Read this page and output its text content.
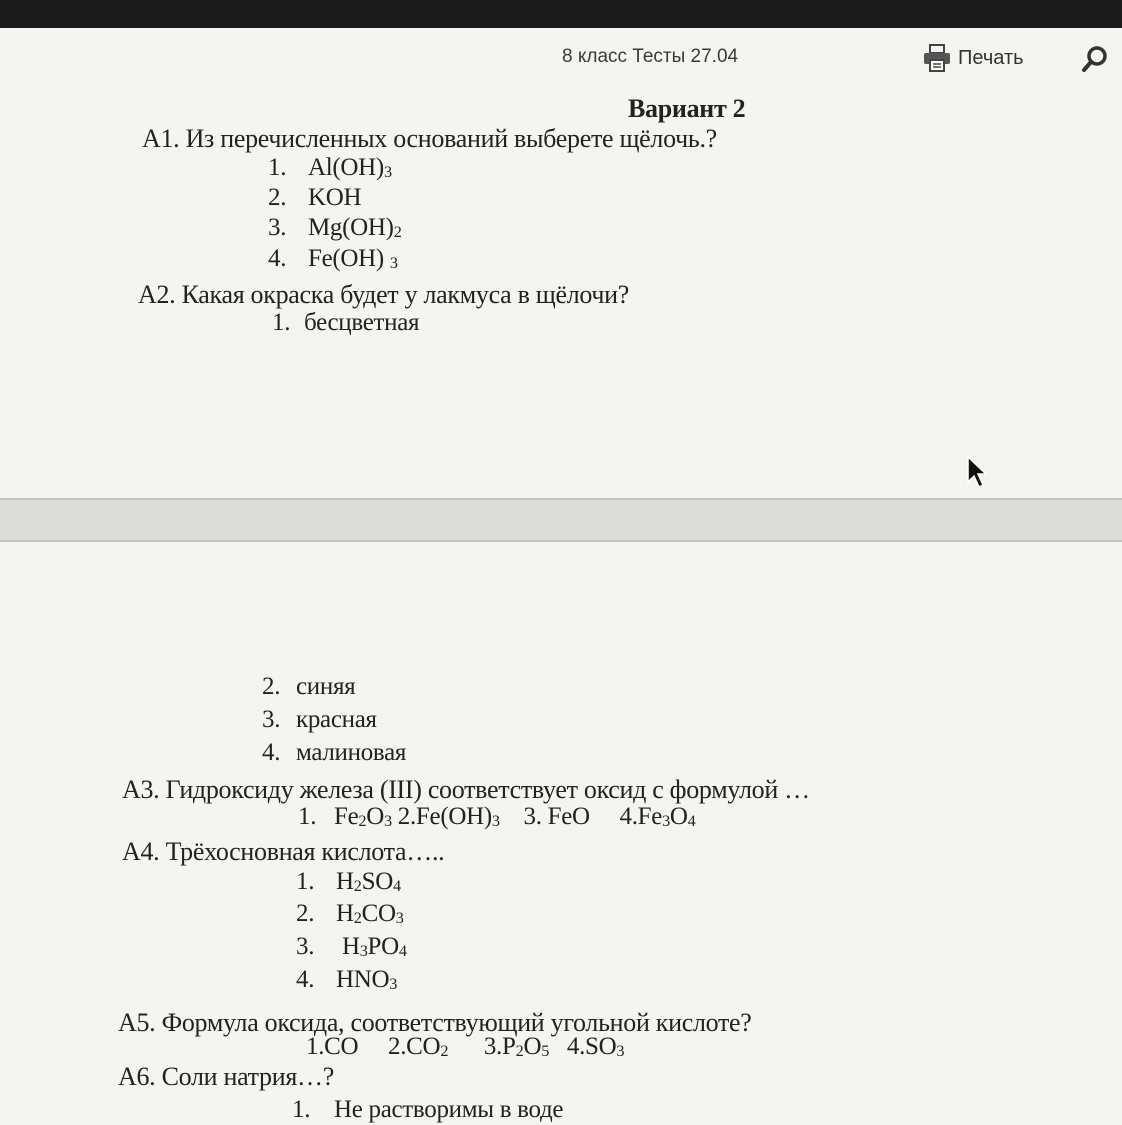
8 класс Тесты 27.04	Печать
Вариант 2
А1. Из перечисленных оснований выберете щёлочь.?
1. $Al(OH)_3$
2. KOH
3. $Mg(OH)_2$
4. Fe(OH) $_3$
А2. Какая окраска будет у лакмуса в щёлочи?
1. бесцветная
2. синяя
3. красная
4. малиновая
А3. Гидроксиду железа (III) соответствует оксид с формулой …
1.   $Fe_2O_3$ $2.Fe(OH)_3$    3. FeO     $4.Fe_3O_4$
А4. Трёхосновная кислота…..
1. $H_2SO_4$
2. $H_2CO_3$
3. $H_3PO_4$
4. $HNO_3$
А5. Формула оксида, соответствующий угольной кислоте?
1.CO     $2.CO_2$      $3.P_2O_5$   $4.SO_3$
А6. Соли натрия…?
1. Не растворимы в воде
